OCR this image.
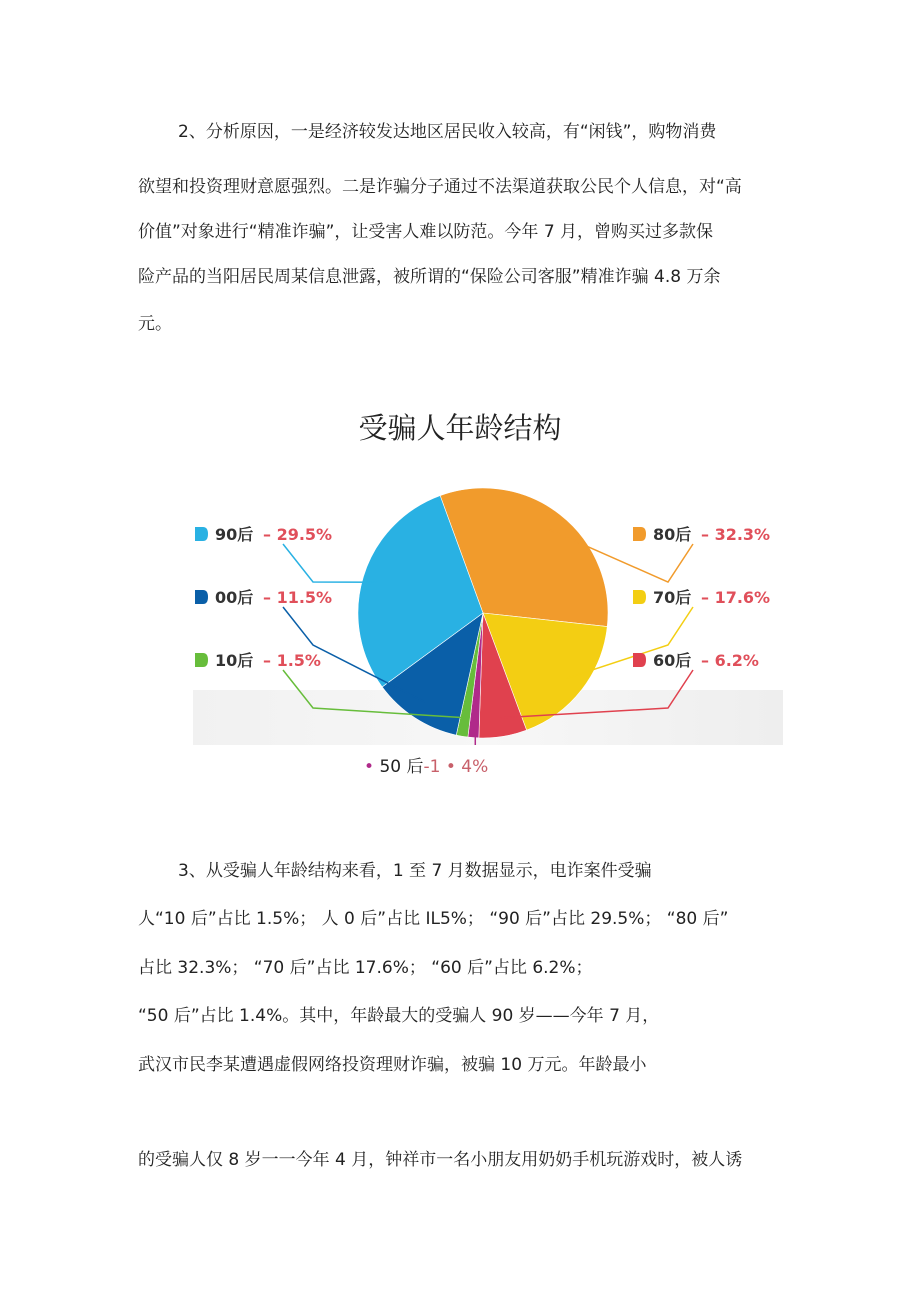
2、分析原因，一是经济较发达地区居民收入较高，有“闲钱”，购物消费
欲望和投资理财意愿强烈。二是诈骗分子通过不法渠道获取公民个人信息，对“高
价值”对象进行“精准诈骗”，让受害人难以防范。今年 7 月，曾购买过多款保
险产品的当阳居民周某信息泄露，被所谓的“保险公司客服”精准诈骗 4.8 万余
元。
受骗人年龄结构
80后 – 32.3%
70后 – 17.6%
60后 – 6.2%
90后 – 29.5%
00后 – 11.5%
10后 – 1.5%
• 50 后-1 • 4%
3、从受骗人年龄结构来看，1 至 7 月数据显示，电诈案件受骗
人“10 后”占比 1.5%； 人 0 后”占比 IL5%； “90 后”占比 29.5%； “80 后”
占比 32.3%； “70 后”占比 17.6%； “60 后”占比 6.2%；
“50 后”占比 1.4%。其中，年龄最大的受骗人 90 岁——今年 7 月，
武汉市民李某遭遇虚假网络投资理财诈骗，被骗 10 万元。年龄最小
的受骗人仅 8 岁一一今年 4 月，钟祥市一名小朋友用奶奶手机玩游戏时，被人诱
